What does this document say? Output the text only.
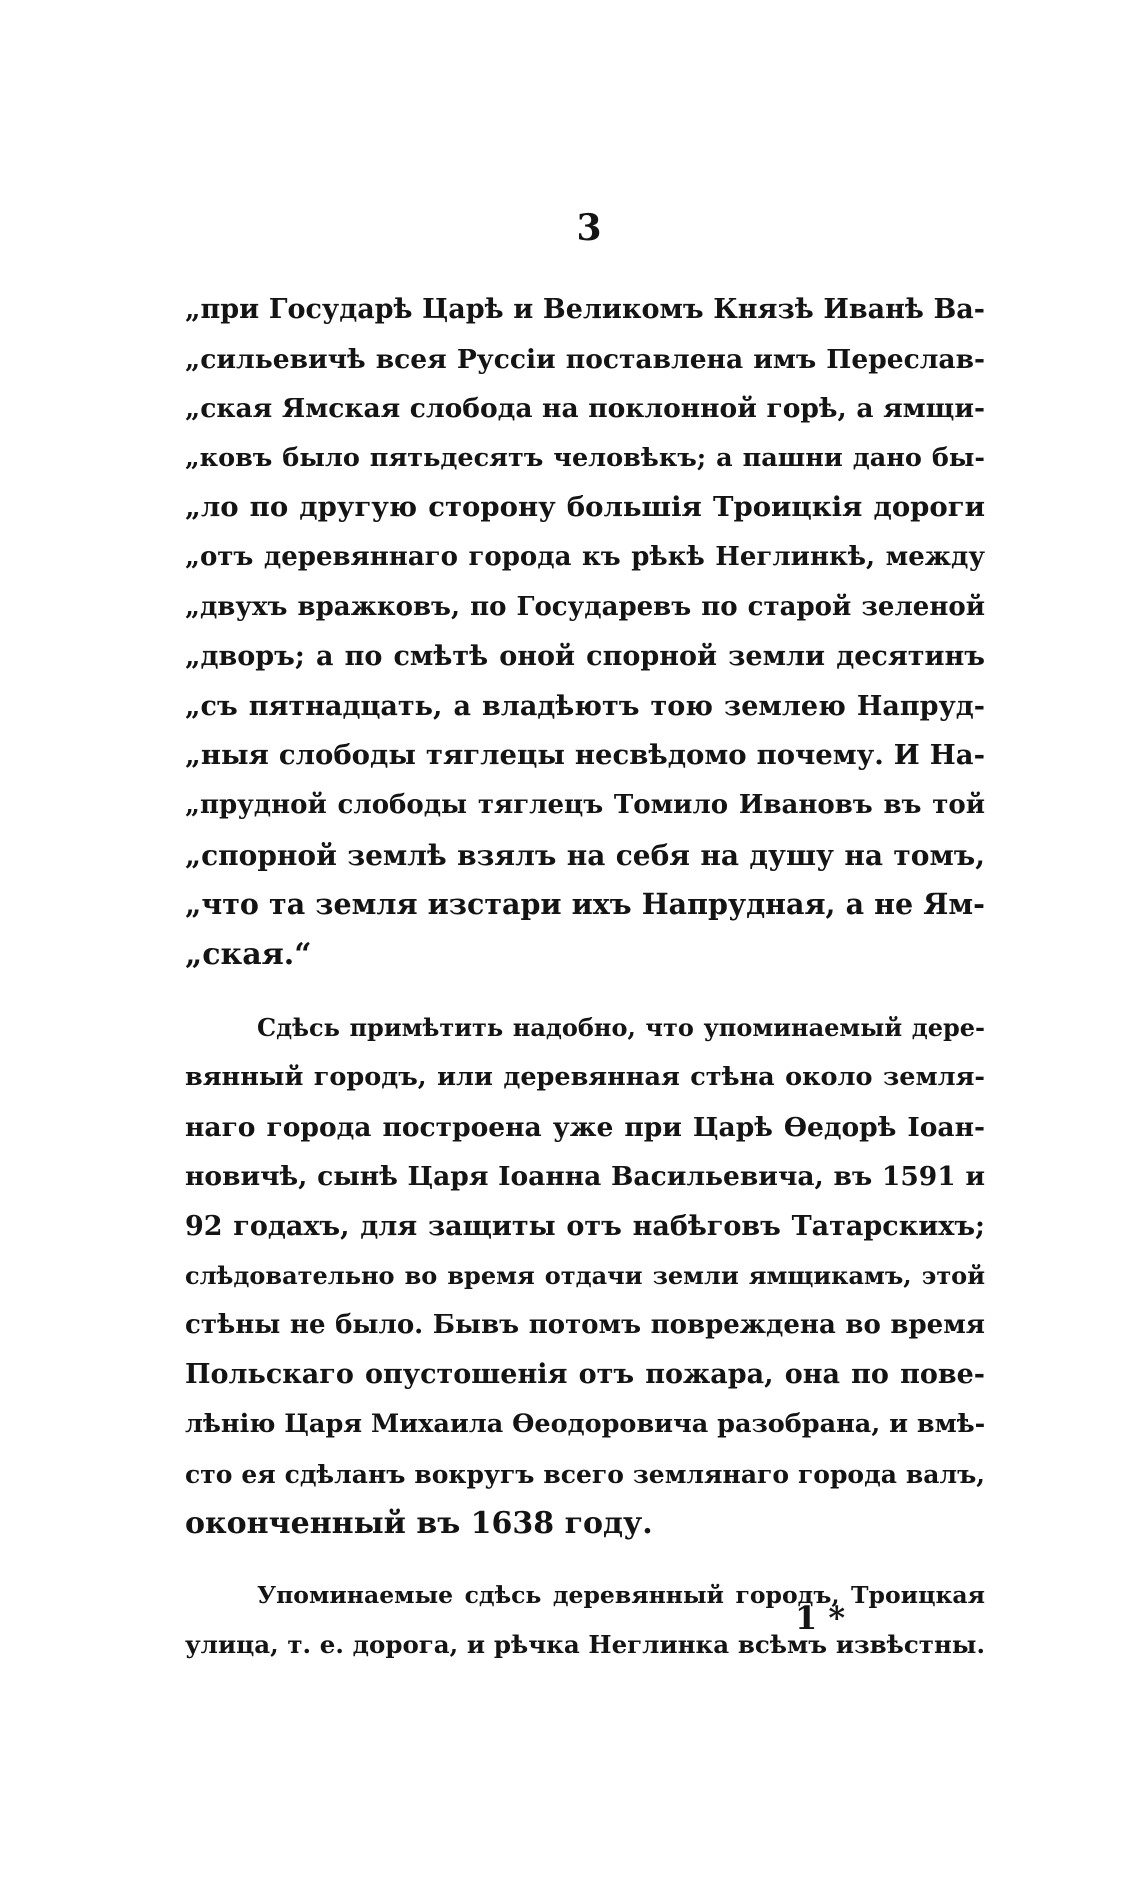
3
„при Государѣ Царѣ и Великомъ Князѣ Иванѣ Ва-
„сильевичѣ всея Руссіи поставлена имъ Переслав-
„ская Ямская слобода на поклонной горѣ, а ямщи-
„ковъ было пятьдесятъ человѣкъ; а пашни дано бы-
„ло по другую сторону большія Троицкія дороги
„отъ деревяннаго города къ рѣкѣ Неглинкѣ, между
„двухъ вражковъ, по Государевъ по старой зеленой
„дворъ; а по смѣтѣ оной спорной земли десятинъ
„съ пятнадцать, а владѣютъ тою землею Напруд-
„ныя слободы тяглецы несвѣдомо почему. И На-
„прудной слободы тяглецъ Томило Ивановъ въ той
„спорной землѣ взялъ на себя на душу на томъ,
„что та земля изстари ихъ Напрудная, а не Ям-
„ская.“
Сдѣсь примѣтить надобно, что упоминаемый дере-
вянный городъ, или деревянная стѣна около земля-
наго города построена уже при Царѣ Ѳедорѣ Іоан-
новичѣ, сынѣ Царя Іоанна Васильевича, въ 1591 и
92 годахъ, для защиты отъ набѣговъ Татарскихъ;
слѣдовательно во время отдачи земли ямщикамъ, этой
стѣны не было. Бывъ потомъ повреждена во время
Польскаго опустошенія отъ пожара, она по пове-
лѣнію Царя Михаила Ѳеодоровича разобрана, и вмѣ-
сто ея сдѣланъ вокругъ всего землянаго города валъ,
оконченный въ 1638 году.
Упоминаемые сдѣсь деревянный городъ, Троицкая
улица, т. е. дорога, и рѣчка Неглинка всѣмъ извѣстны.
1 *
